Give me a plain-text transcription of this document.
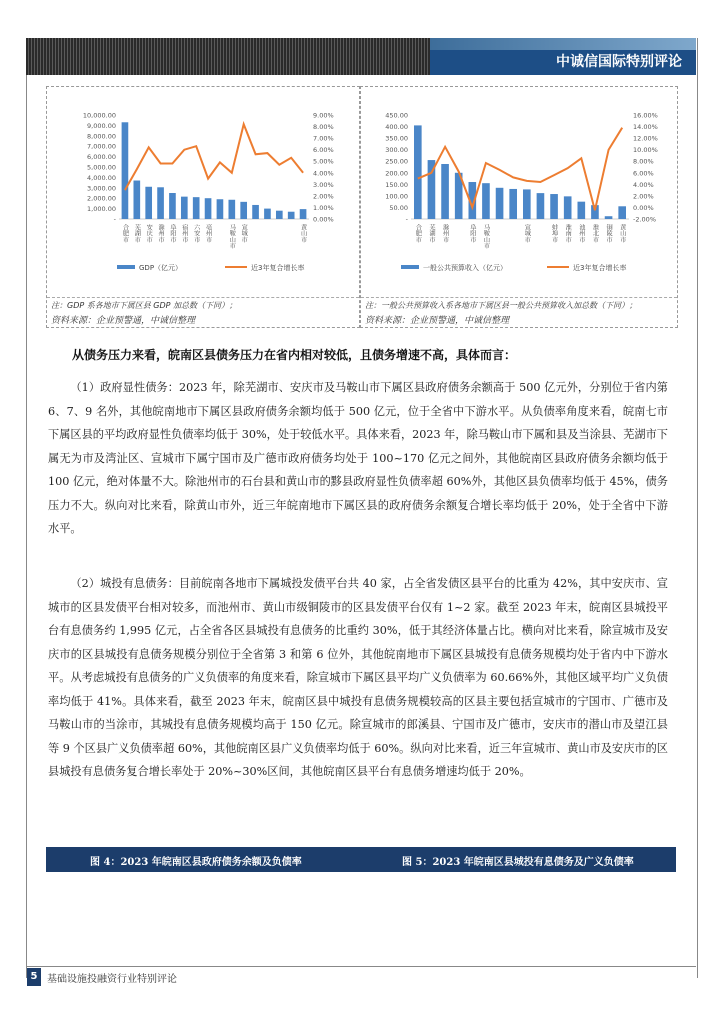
中诚信国际特别评论
10,000.00
9,000.00
8,000.00
7,000.00
6,000.00
5,000.00
4,000.00
3,000.00
2,000.00
1,000.00
-
9.00%
8.00%
7.00%
6.00%
5.00%
4.00%
3.00%
2.00%
1.00%
0.00%
合肥市 芜湖市 安庆市 滁州市 阜阳市 宿州市 六安市 亳州市	马鞍山市 宣城市	黄山市
GDP（亿元）	近3年复合增长率
注：GDP 系各地市下属区县 GDP 加总数（下同）；
资料来源：企业预警通，中诚信整理
450.00
400.00
350.00
300.00
250.00
200.00
150.00
100.00
50.00
-
16.00%
14.00%
12.00%
10.00%
8.00%
6.00%
4.00%
2.00%
0.00%
-2.00%
合肥市 芜湖市 滁州市	阜阳市 马鞍山市	宣城市	蚌埠市 淮南市 池州市 淮北市 铜陵市 黄山市
一般公共预算收入（亿元）	近3年复合增长率
注：一般公共预算收入系各地市下属区县一般公共预算收入加总数（下同）；
资料来源：企业预警通，中诚信整理
从债务压力来看，皖南区县债务压力在省内相对较低，且债务增速不高，具体而言：
（1）政府显性债务：2023 年，除芜湖市、安庆市及马鞍山市下属区县政府债务余额高于 500 亿元外，分别位于省内第 6、7、9 名外，其他皖南地市下属区县政府债务余额均低于 500 亿元，位于全省中下游水平。从负债率角度来看，皖南七市下属区县的平均政府显性负债率均低于 30%，处于较低水平。具体来看，2023 年，除马鞍山市下属和县及当涂县、芜湖市下属无为市及湾沚区、宣城市下属宁国市及广德市政府债务均处于 100~170 亿元之间外，其他皖南区县政府债务余额均低于 100 亿元，绝对体量不大。除池州市的石台县和黄山市的黟县政府显性负债率超 60%外，其他区县负债率均低于 45%，债务压力不大。纵向对比来看，除黄山市外，近三年皖南地市下属区县的政府债务余额复合增长率均低于 20%，处于全省中下游水平。
（2）城投有息债务：目前皖南各地市下属城投发债平台共 40 家，占全省发债区县平台的比重为 42%，其中安庆市、宣城市的区县发债平台相对较多，而池州市、黄山市级铜陵市的区县发债平台仅有 1~2 家。截至 2023 年末，皖南区县城投平台有息债务约 1,995 亿元，占全省各区县城投有息债务的比重约 30%，低于其经济体量占比。横向对比来看，除宣城市及安庆市的区县城投有息债务规模分别位于全省第 3 和第 6 位外，其他皖南地市下属区县城投有息债务规模均处于省内中下游水平。从考虑城投有息债务的广义负债率的角度来看，除宣城市下属区县平均广义负债率为 60.66%外，其他区域平均广义负债率均低于 41%。具体来看，截至 2023 年末，皖南区县中城投有息债务规模较高的区县主要包括宣城市的宁国市、广德市及马鞍山市的当涂市，其城投有息债务规模均高于 150 亿元。除宣城市的郎溪县、宁国市及广德市，安庆市的潜山市及望江县等 9 个区县广义负债率超 60%，其他皖南区县广义负债率均低于 60%。纵向对比来看，近三年宣城市、黄山市及安庆市的区县城投有息债务复合增长率处于 20%~30%区间，其他皖南区县平台有息债务增速均低于 20%。
图 4：2023 年皖南区县政府债务余额及负债率	图 5：2023 年皖南区县城投有息债务及广义负债率
5 基础设施投融资行业特别评论
